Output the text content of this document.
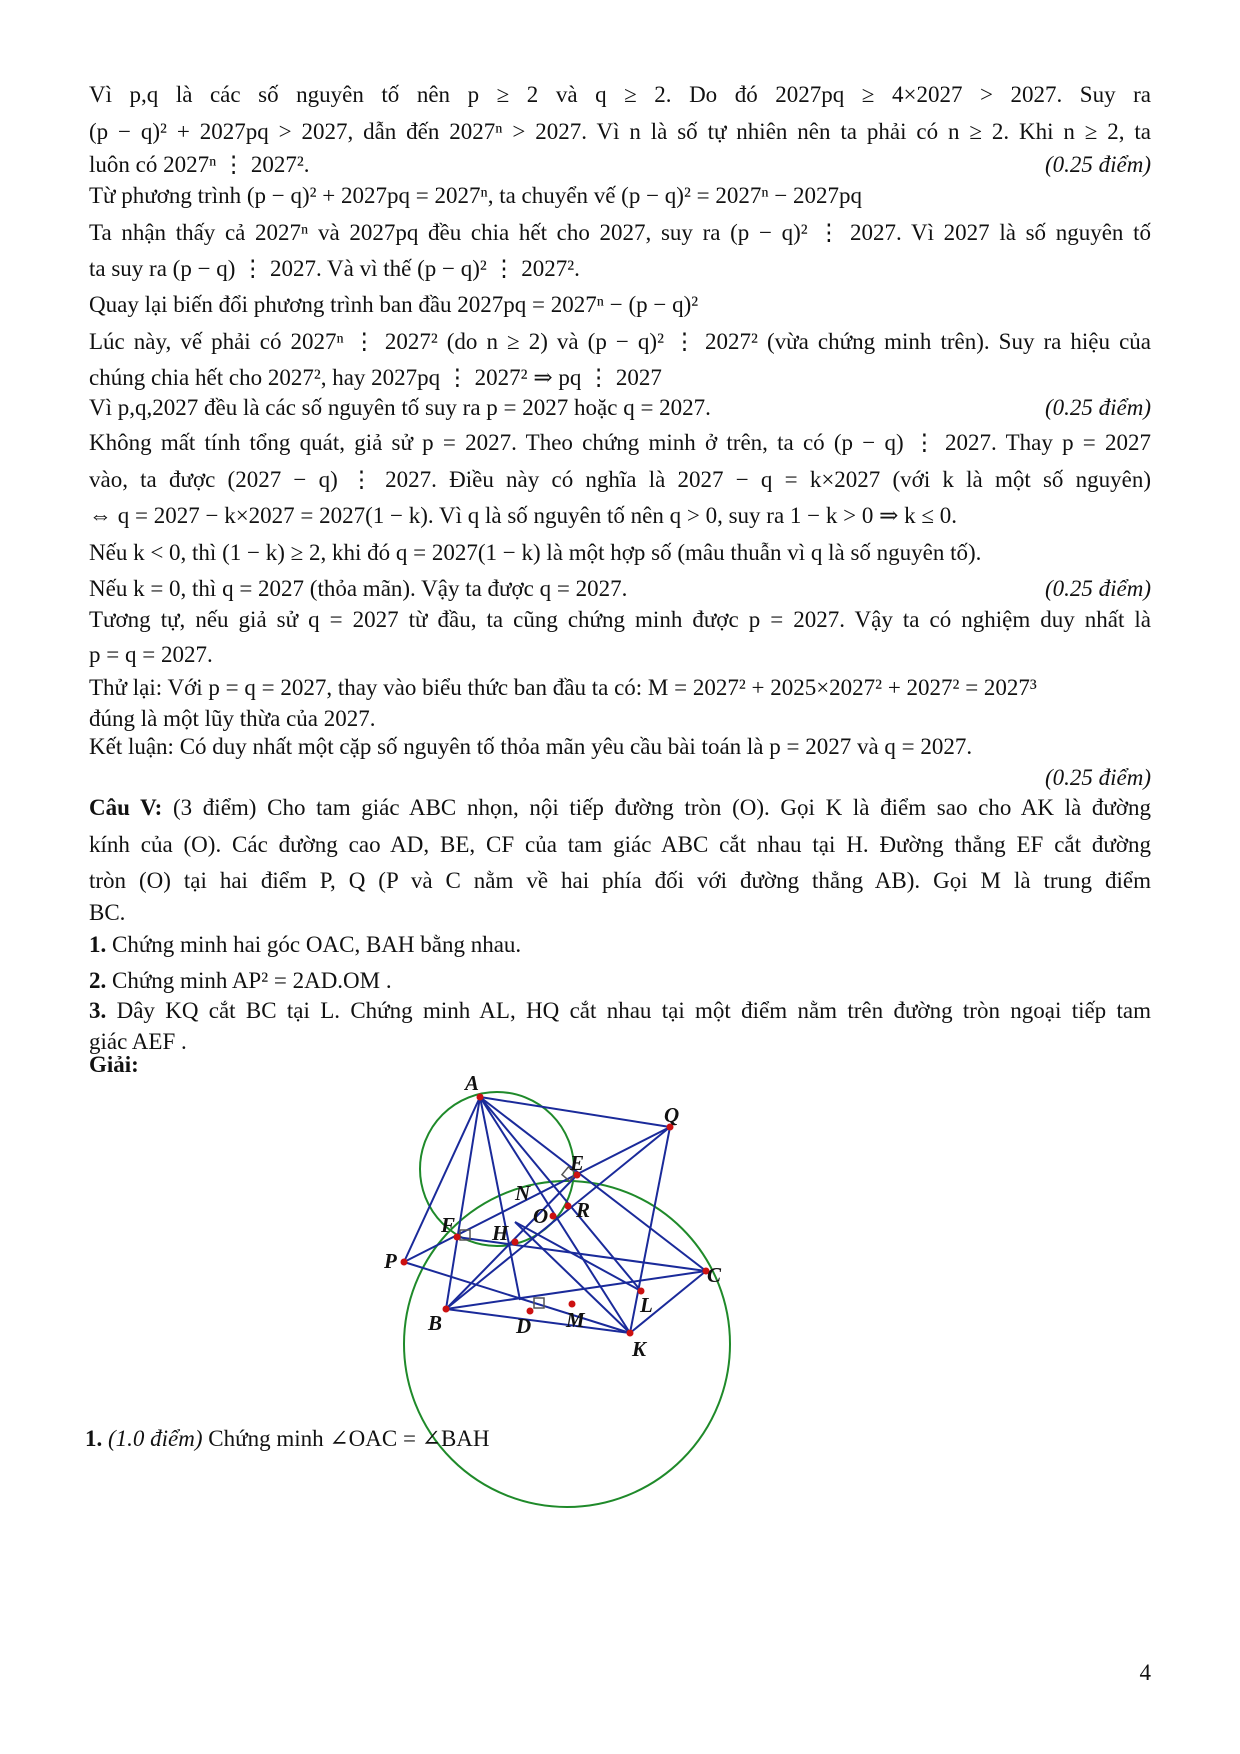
Vì p,q là các số nguyên tố nên p ≥ 2 và q ≥ 2. Do đó 2027pq ≥ 4×2027 > 2027. Suy ra
(p − q)² + 2027pq > 2027, dẫn đến 2027ⁿ > 2027. Vì n là số tự nhiên nên ta phải có n ≥ 2. Khi n ≥ 2, ta
luôn có 2027ⁿ ⋮ 2027².	(0.25 điểm)
Từ phương trình (p − q)² + 2027pq = 2027ⁿ, ta chuyển vế (p − q)² = 2027ⁿ − 2027pq
Ta nhận thấy cả 2027ⁿ và 2027pq đều chia hết cho 2027, suy ra (p − q)² ⋮ 2027. Vì 2027 là số nguyên tố
ta suy ra (p − q) ⋮ 2027. Và vì thế (p − q)² ⋮ 2027².
Quay lại biến đổi phương trình ban đầu 2027pq = 2027ⁿ − (p − q)²
Lúc này, vế phải có 2027ⁿ ⋮ 2027² (do n ≥ 2) và (p − q)² ⋮ 2027² (vừa chứng minh trên). Suy ra hiệu của
chúng chia hết cho 2027², hay 2027pq ⋮ 2027² ⇒ pq ⋮ 2027
Vì p,q,2027 đều là các số nguyên tố suy ra p = 2027 hoặc q = 2027.	(0.25 điểm)
Không mất tính tổng quát, giả sử p = 2027. Theo chứng minh ở trên, ta có (p − q) ⋮ 2027. Thay p = 2027
vào, ta được (2027 − q) ⋮ 2027. Điều này có nghĩa là 2027 − q = k×2027 (với k là một số nguyên)
⇔ q = 2027 − k×2027 = 2027(1 − k). Vì q là số nguyên tố nên q > 0, suy ra 1 − k > 0 ⇒ k ≤ 0.
Nếu k < 0, thì (1 − k) ≥ 2, khi đó q = 2027(1 − k) là một hợp số (mâu thuẫn vì q là số nguyên tố).
Nếu k = 0, thì q = 2027 (thỏa mãn). Vậy ta được q = 2027.	(0.25 điểm)
Tương tự, nếu giả sử q = 2027 từ đầu, ta cũng chứng minh được p = 2027. Vậy ta có nghiệm duy nhất là
p = q = 2027.
Thử lại: Với p = q = 2027, thay vào biểu thức ban đầu ta có: M = 2027² + 2025×2027² + 2027² = 2027³
đúng là một lũy thừa của 2027.
Kết luận: Có duy nhất một cặp số nguyên tố thỏa mãn yêu cầu bài toán là p = 2027 và q = 2027.
(0.25 điểm)
Câu V: (3 điểm) Cho tam giác ABC nhọn, nội tiếp đường tròn (O). Gọi K là điểm sao cho AK là đường
kính của (O). Các đường cao AD, BE, CF của tam giác ABC cắt nhau tại H. Đường thẳng EF cắt đường
tròn (O) tại hai điểm P, Q (P và C nằm về hai phía đối với đường thẳng AB). Gọi M là trung điểm
BC.
1. Chứng minh hai góc OAC, BAH bằng nhau.
2. Chứng minh AP² = 2AD.OM .
3. Dây KQ cắt BC tại L. Chứng minh AL, HQ cắt nhau tại một điểm nằm trên đường tròn ngoại tiếp tam
giác AEF .
Giải:
A
Q
E
N
O R
F H
P
C
L
M
D
B
K
1. (1.0 điểm) Chứng minh ∠OAC = ∠BAH
4
